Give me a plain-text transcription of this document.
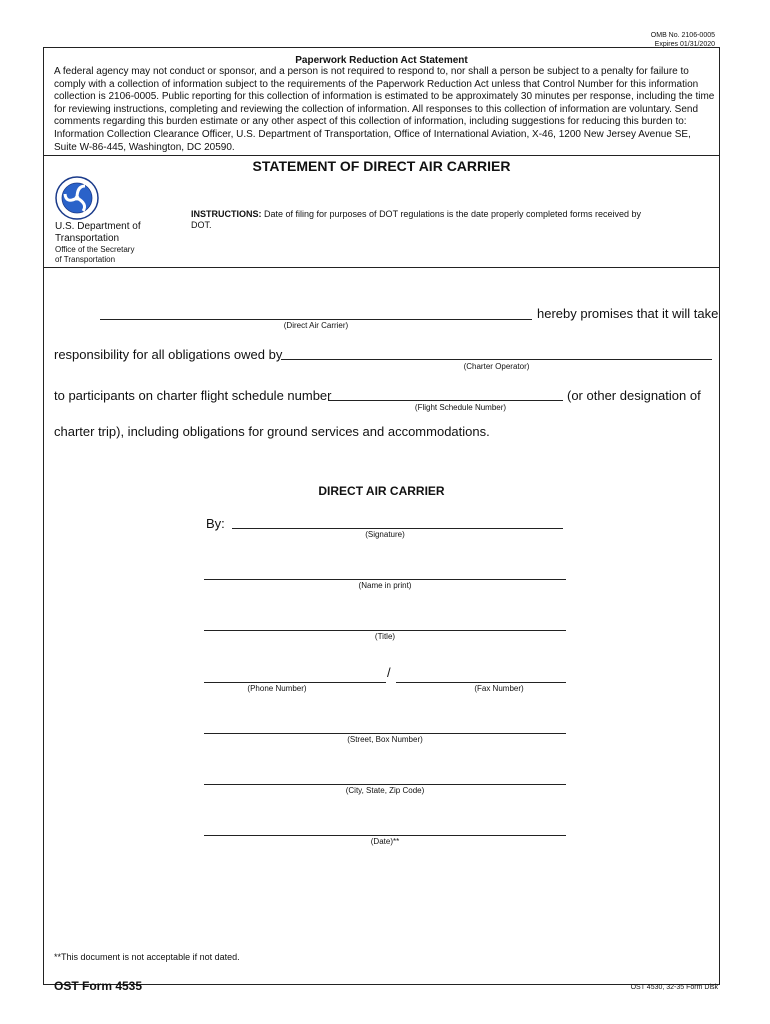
OMB No. 2106-0005
Expires 01/31/2020
Paperwork Reduction Act Statement
A federal agency may not conduct or sponsor, and a person is not required to respond to, nor shall a person be subject to a penalty for failure to comply with a collection of information subject to the requirements of the Paperwork Reduction Act unless that Control Number for this information collection is 2106-0005. Public reporting for this collection of information is estimated to be approximately 30 minutes per response, including the time for reviewing instructions, completing and reviewing the collection of information. All responses to this collection of information are voluntary. Send comments regarding this burden estimate or any other aspect of this collection of information, including suggestions for reducing this burden to: Information Collection Clearance Officer, U.S. Department of Transportation, Office of International Aviation, X-46, 1200 New Jersey Avenue SE, Suite W-86-445, Washington, DC 20590.
STATEMENT OF DIRECT AIR CARRIER
U.S. Department of
Transportation
Office of the Secretary
of Transportation
INSTRUCTIONS: Date of filing for purposes of DOT regulations is the date properly completed forms received by DOT.
hereby promises that it will take
(Direct Air Carrier)
responsibility for all obligations owed by
(Charter Operator)
to participants on charter flight schedule number	(or other designation of
(Flight Schedule Number)
charter trip), including obligations for ground services and accommodations.
DIRECT AIR CARRIER
By:
(Signature)
(Name in print)
(Title)
/
(Phone Number)	(Fax Number)
(Street, Box Number)
(City, State, Zip Code)
(Date)**
**This document is not acceptable if not dated.
OST Form 4535	OST 4530, 32-35 Form Disk
